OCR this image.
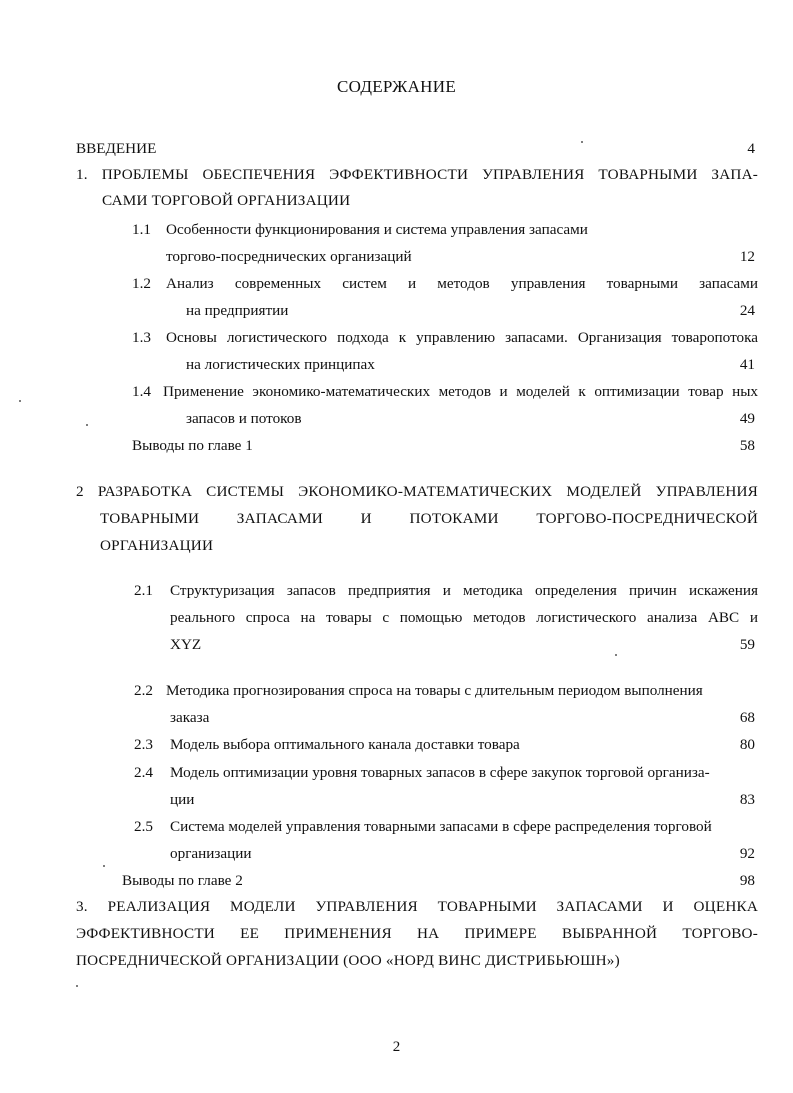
СОДЕРЖАНИЕ
ВВЕДЕНИЕ	4
1. ПРОБЛЕМЫ ОБЕСПЕЧЕНИЯ ЭФФЕКТИВНОСТИ УПРАВЛЕНИЯ ТОВАРНЫМИ ЗАПА-
САМИ ТОРГОВОЙ ОРГАНИЗАЦИИ
1.1 Особенности функционирования и система управления запасами
торгово-посреднических организаций	12
1.2 Анализ современных систем и методов управления товарными запасами
на предприятии	24
1.3 Основы логистического подхода к управлению запасами. Организация товаропотока
на логистических принципах	41
1.4 Применение экономико-математических методов и моделей к оптимизации товар ных
запасов и потоков	49
Выводы по главе 1	58
2 РАЗРАБОТКА СИСТЕМЫ ЭКОНОМИКО-МАТЕМАТИЧЕСКИХ МОДЕЛЕЙ УПРАВЛЕНИЯ
ТОВАРНЫМИ ЗАПАСАМИ И ПОТОКАМИ ТОРГОВО-ПОСРЕДНИЧЕСКОЙ
ОРГАНИЗАЦИИ
2.1 Структуризация запасов предприятия и методика определения причин искажения
реального спроса на товары с помощью методов логистического анализа АВС и
XYZ	59
2.2 Методика прогнозирования спроса на товары с длительным периодом выполнения
заказа	68
2.3 Модель выбора оптимального канала доставки товара	80
2.4 Модель оптимизации уровня товарных запасов в сфере закупок торговой организа-
ции	83
2.5 Система моделей управления товарными запасами в сфере распределения торговой
организации	92
Выводы по главе 2	98
3. РЕАЛИЗАЦИЯ МОДЕЛИ УПРАВЛЕНИЯ ТОВАРНЫМИ ЗАПАСАМИ И ОЦЕНКА
ЭФФЕКТИВНОСТИ ЕЕ ПРИМЕНЕНИЯ НА ПРИМЕРЕ ВЫБРАННОЙ ТОРГОВО-
ПОСРЕДНИЧЕСКОЙ ОРГАНИЗАЦИИ (ООО «НОРД ВИНС ДИСТРИБЬЮШН»)
2
